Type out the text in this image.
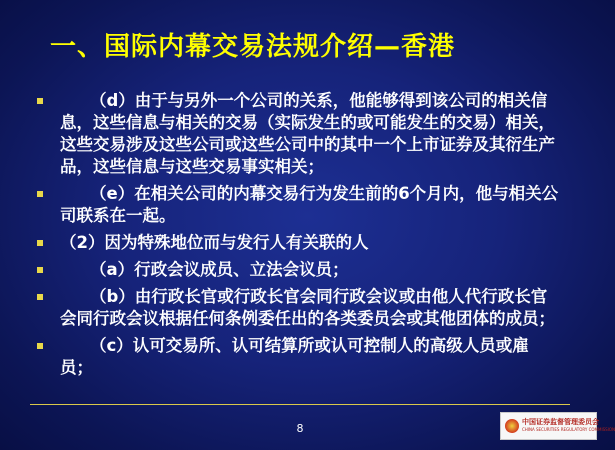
一、国际内幕交易法规介绍—香港
（d）由于与另外一个公司的关系，他能够得到该公司的相关信息，这些信息与相关的交易（实际发生的或可能发生的交易）相关，这些交易涉及这些公司或这些公司中的其中一个上市证券及其衍生产品，这些信息与这些交易事实相关；
（e）在相关公司的内幕交易行为发生前的6个月内，他与相关公司联系在一起。
（2）因为特殊地位而与发行人有关联的人
（a）行政会议成员、立法会议员；
（b）由行政长官或行政长官会同行政会议或由他人代行政长官会同行政会议根据任何条例委任出的各类委员会或其他团体的成员；
（c）认可交易所、认可结算所或认可控制人的高级人员或雇员；
8	中国证券监督管理委员会
CHINA SECURITIES REGULATORY COMMISSION
